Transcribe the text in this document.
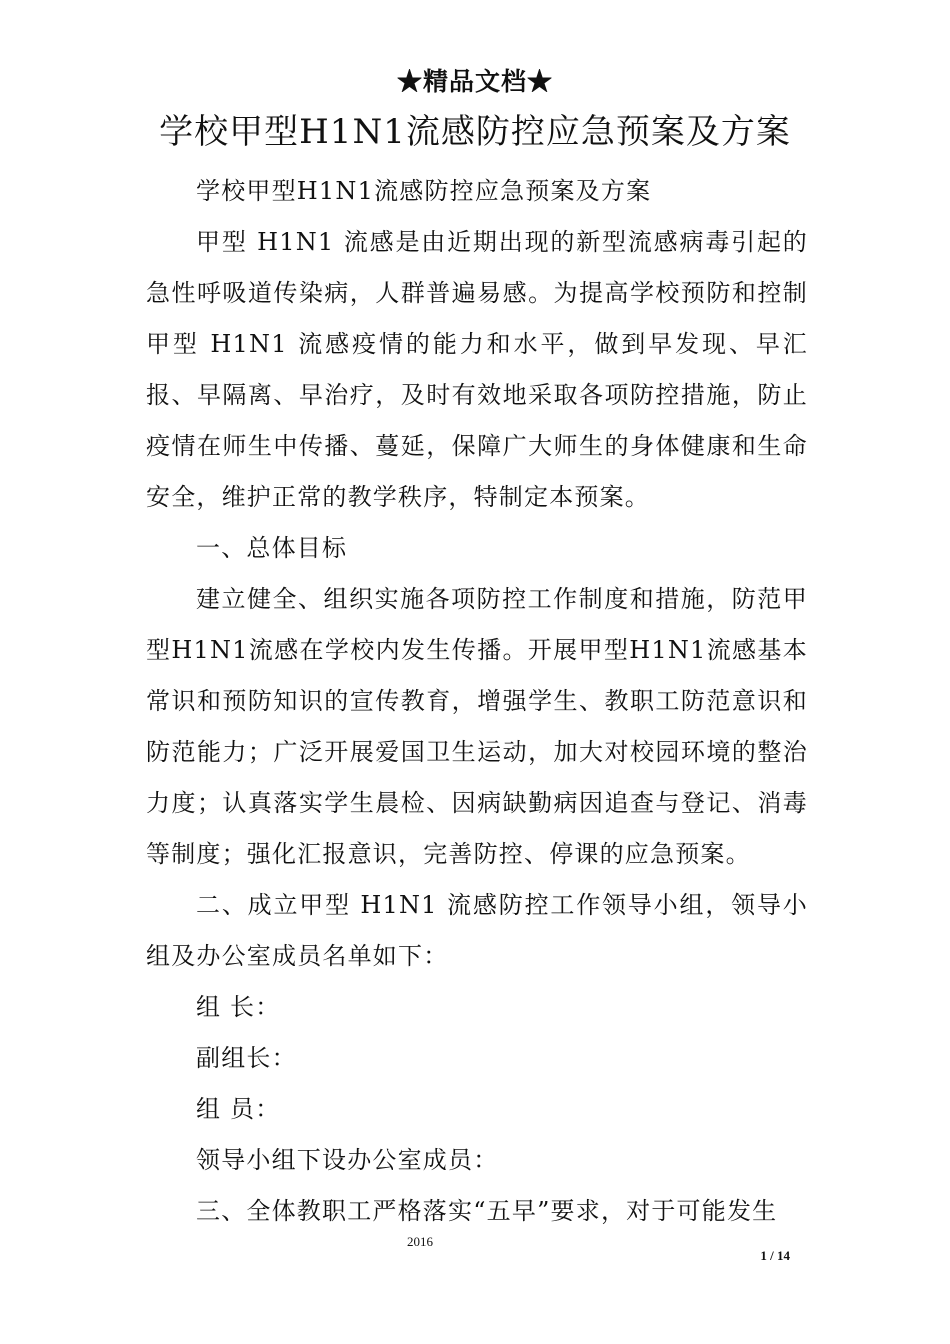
★精品文档★
学校甲型H1N1流感防控应急预案及方案

学校甲型H1N1流感防控应急预案及方案

甲型 H1N1 流感是由近期出现的新型流感病毒引起的急性呼吸道传染病，人群普遍易感。为提高学校预防和控制甲型 H1N1 流感疫情的能力和水平，做到早发现、早汇报、早隔离、早治疗，及时有效地采取各项防控措施，防止疫情在师生中传播、蔓延，保障广大师生的身体健康和生命安全，维护正常的教学秩序，特制定本预案。

一、总体目标

建立健全、组织实施各项防控工作制度和措施，防范甲型H1N1流感在学校内发生传播。开展甲型H1N1流感基本常识和预防知识的宣传教育，增强学生、教职工防范意识和防范能力；广泛开展爱国卫生运动，加大对校园环境的整治力度；认真落实学生晨检、因病缺勤病因追查与登记、消毒等制度；强化汇报意识，完善防控、停课的应急预案。

二、成立甲型 H1N1 流感防控工作领导小组，领导小组及办公室成员名单如下：

组 长：

副组长：

组 员：

领导小组下设办公室成员：

三、全体教职工严格落实“五早”要求，对于可能发生

2016
1 / 14
